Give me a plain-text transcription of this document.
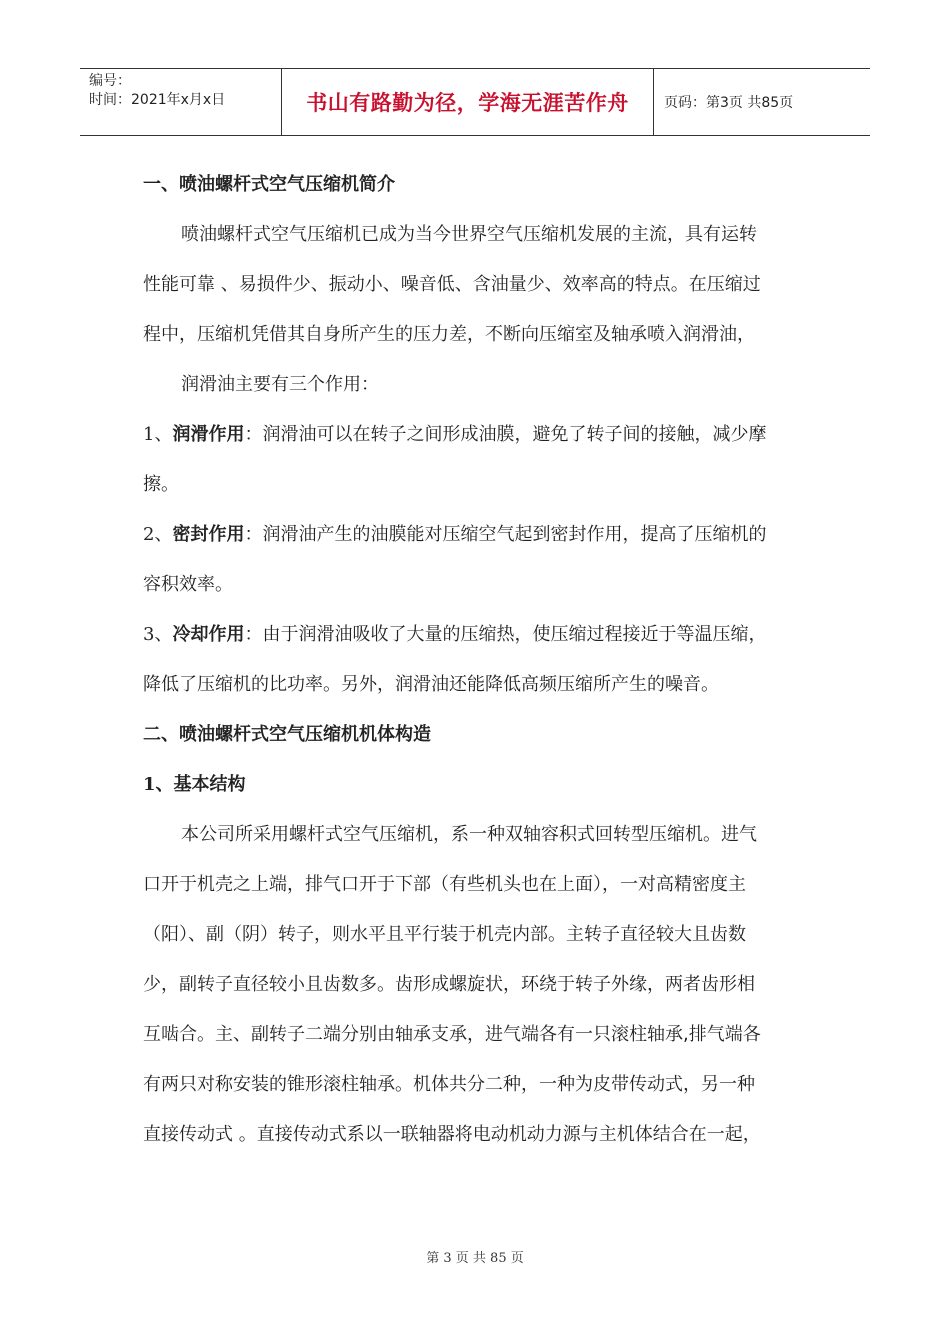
编号：
时间：2021年x月x日	书山有路勤为径，学海无涯苦作舟	页码：第3页 共85页
一、喷油螺杆式空气压缩机简介
喷油螺杆式空气压缩机已成为当今世界空气压缩机发展的主流，具有运转
性能可靠 、易损件少、振动小、噪音低、含油量少、效率高的特点。在压缩过
程中，压缩机凭借其自身所产生的压力差，不断向压缩室及轴承喷入润滑油，
润滑油主要有三个作用：
1、润滑作用：润滑油可以在转子之间形成油膜，避免了转子间的接触，减少摩
擦。
2、密封作用：润滑油产生的油膜能对压缩空气起到密封作用，提高了压缩机的
容积效率。
3、冷却作用：由于润滑油吸收了大量的压缩热，使压缩过程接近于等温压缩，
降低了压缩机的比功率。另外，润滑油还能降低高频压缩所产生的噪音。
二、喷油螺杆式空气压缩机机体构造
1、基本结构
本公司所采用螺杆式空气压缩机，系一种双轴容积式回转型压缩机。进气
口开于机壳之上端，排气口开于下部（有些机头也在上面），一对高精密度主
（阳）、副（阴）转子，则水平且平行装于机壳内部。主转子直径较大且齿数
少，副转子直径较小且齿数多。齿形成螺旋状，环绕于转子外缘，两者齿形相
互啮合。主、副转子二端分别由轴承支承，进气端各有一只滚柱轴承,排气端各
有两只对称安装的锥形滚柱轴承。机体共分二种，一种为皮带传动式，另一种
直接传动式 。直接传动式系以一联轴器将电动机动力源与主机体结合在一起，
第 3 页 共 85 页
